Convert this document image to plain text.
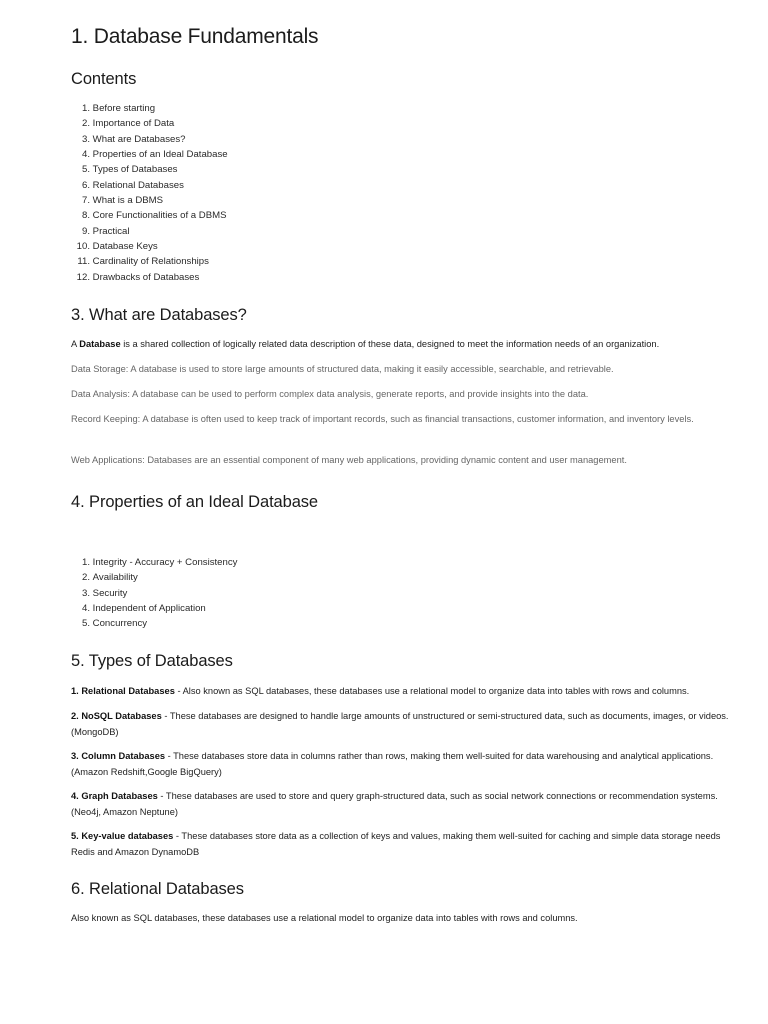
1. Database Fundamentals
Contents
1.
Before starting
2.
Importance of Data
3.
What are Databases?
4.
Properties of an Ideal Database
5.
Types of Databases
6.
Relational Databases
7.
What is a DBMS
8.
Core Functionalities of a DBMS
9.
Practical
10.
Database Keys
11.
Cardinality of Relationships
12.
Drawbacks of Databases
3. What are Databases?
A Database is a shared collection of logically related data description of these data, designed to meet the information needs of an organization.
Data Storage: A database is used to store large amounts of structured data, making it easily accessible, searchable, and retrievable.
Data Analysis: A database can be used to perform complex data analysis, generate reports, and provide insights into the data.
Record Keeping: A database is often used to keep track of important records, such as financial transactions, customer information, and inventory levels.
Web Applications: Databases are an essential component of many web applications, providing dynamic content and user management.
4. Properties of an Ideal Database
1.
Integrity - Accuracy + Consistency
2.
Availability
3.
Security
4.
Independent of Application
5.
Concurrency
5. Types of Databases
1. Relational Databases - Also known as SQL databases, these databases use a relational model to organize data into tables with rows and columns.
2. NoSQL Databases - These databases are designed to handle large amounts of unstructured or semi-structured data, such as documents, images, or videos. (MongoDB)
3. Column Databases - These databases store data in columns rather than rows, making them well-suited for data warehousing and analytical applications. (Amazon Redshift,Google BigQuery)
4. Graph Databases - These databases are used to store and query graph-structured data, such as social network connections or recommendation systems. (Neo4j, Amazon Neptune)
5. Key-value databases - These databases store data as a collection of keys and values, making them well-suited for caching and simple data storage needs Redis and Amazon DynamoDB
6. Relational Databases
Also known as SQL databases, these databases use a relational model to organize data into tables with rows and columns.
